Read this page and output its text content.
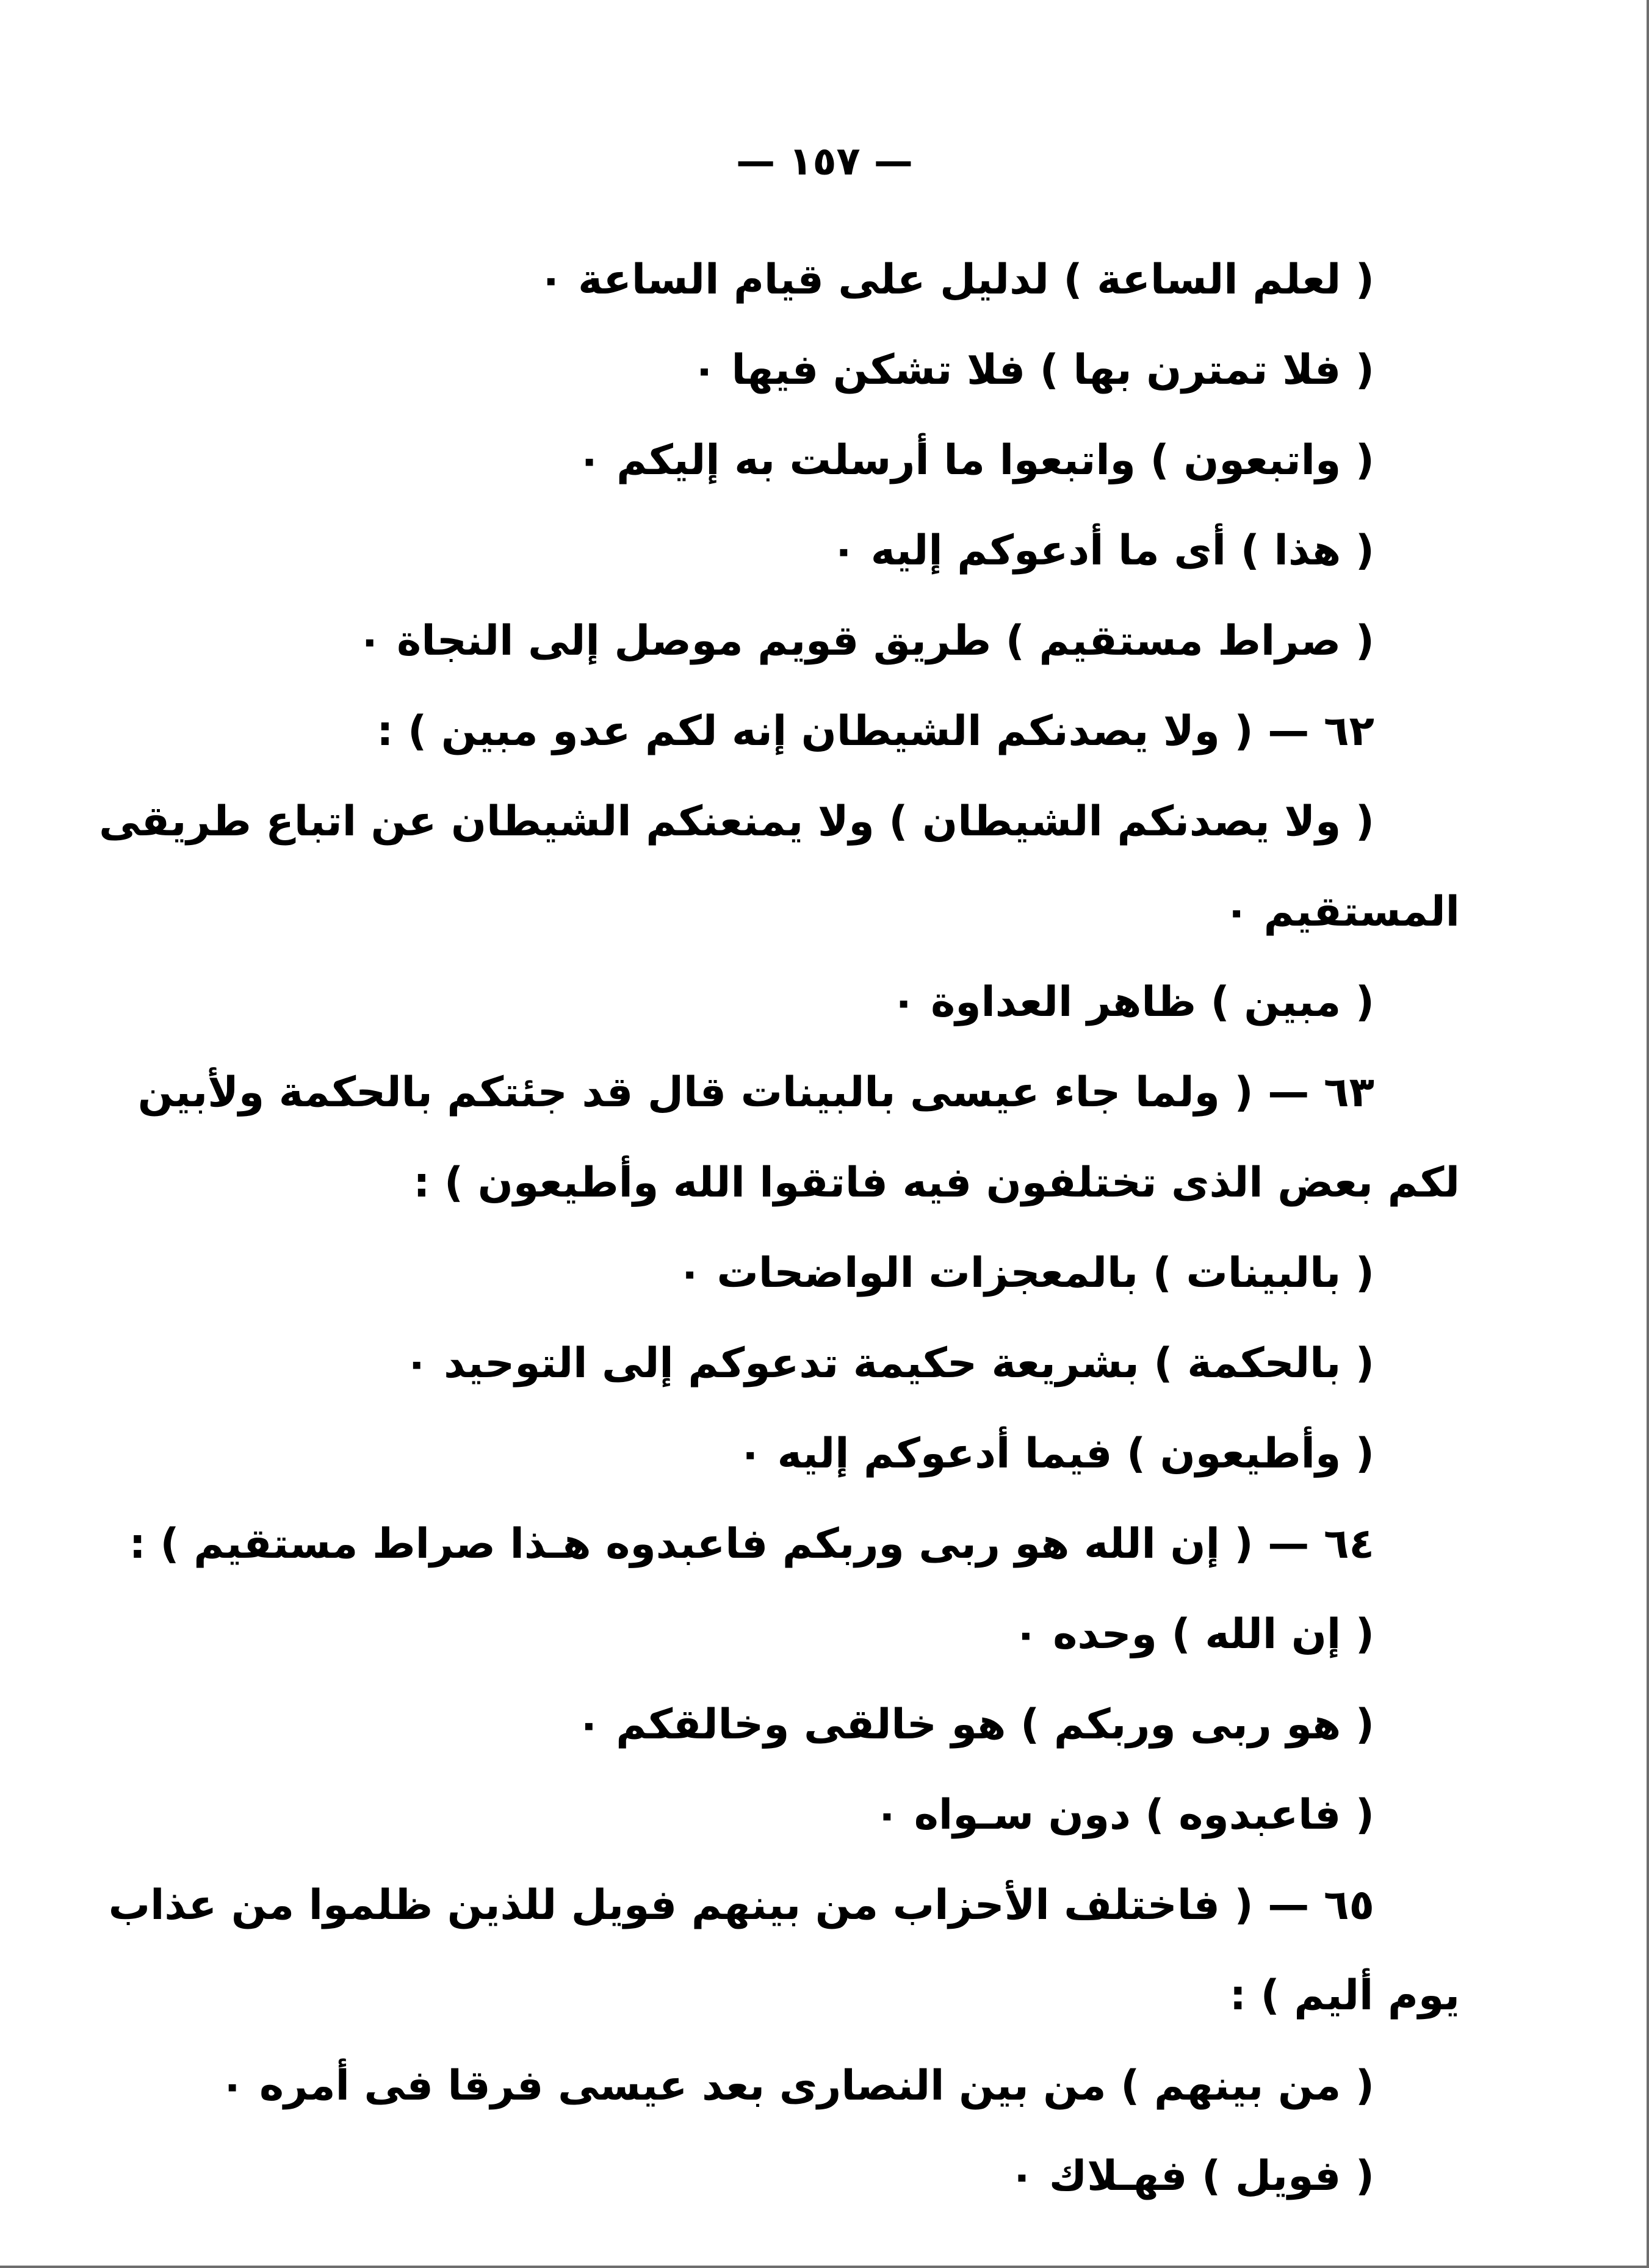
— ١٥٧ —
( لعلم الساعة ) لدليل على قيام الساعة ٠
( فلا تمترن بها ) فلا تشكن فيها ٠
( واتبعون ) واتبعوا ما أرسلت به إليكم ٠
( هذا ) أى ما أدعوكم إليه ٠
( صراط مستقيم ) طريق قويم موصل إلى النجاة ٠
٦٢ — ( ولا يصدنكم الشيطان إنه لكم عدو مبين ) :
( ولا يصدنكم الشيطان ) ولا يمنعنكم الشيطان عن اتباع طريقى
المستقيم ٠
( مبين ) ظاهر العداوة ٠
٦٣ — ( ولما جاء عيسى بالبينات قال قد جئتكم بالحكمة ولأبين
لكم بعض الذى تختلفون فيه فاتقوا الله وأطيعون ) :
( بالبينات ) بالمعجزات الواضحات ٠
( بالحكمة ) بشريعة حكيمة تدعوكم إلى التوحيد ٠
( وأطيعون ) فيما أدعوكم إليه ٠
٦٤ — ( إن الله هو ربى وربكم فاعبدوه هـذا صراط مستقيم ) :
( إن الله ) وحده ٠
( هو ربى وربكم ) هو خالقى وخالقكم ٠
( فاعبدوه ) دون سـواه ٠
٦٥ — ( فاختلف الأحزاب من بينهم فويل للذين ظلموا من عذاب
يوم أليم ) :
( من بينهم ) من بين النصارى بعد عيسى فرقا فى أمره ٠
( فويل ) فهـلاك ٠
